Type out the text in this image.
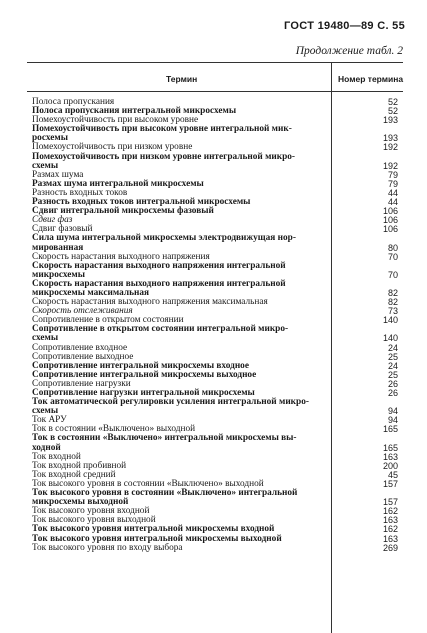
ГОСТ 19480—89 С. 55
Продолжение табл. 2
Термин	Номер термина
Полоса пропускания	52
Полоса пропускания интегральной микросхемы	52
Помехоустойчивость при высоком уровне	193
Помехоустойчивость при высоком уровне интегральной мик-
росхемы	193
Помехоустойчивость при низком уровне	192
Помехоустойчивость при низком уровне интегральной микро-
схемы	192
Размах шума	79
Размах шума интегральной микросхемы	79
Разность входных токов	44
Разность входных токов интегральной микросхемы	44
Сдвиг интегральной микросхемы фазовый	106
Сдвиг фаз	106
Сдвиг фазовый	106
Сила шума интегральной микросхемы электродвижущая нор-
мированная	80
Скорость нарастания выходного напряжения	70
Скорость нарастания выходного напряжения интегральной
микросхемы	70
Скорость нарастания выходного напряжения интегральной
микросхемы максимальная	82
Скорость нарастания выходного напряжения максимальная	82
Скорость отслеживания	73
Сопротивление в открытом состоянии	140
Сопротивление в открытом состоянии интегральной микро-
схемы	140
Сопротивление входное	24
Сопротивление выходное	25
Сопротивление интегральной микросхемы входное	24
Сопротивление интегральной микросхемы выходное	25
Сопротивление нагрузки	26
Сопротивление нагрузки интегральной микросхемы	26
Ток автоматической регулировки усиления интегральной микро-
схемы	94
Ток АРУ	94
Ток в состоянии «Выключено» выходной	165
Ток в состоянии «Выключено» интегральной микросхемы вы-
ходной	165
Ток входной	163
Ток входной пробивной	200
Ток входной средний	45
Ток высокого уровня в состоянии «Выключено» выходной	157
Ток высокого уровня в состоянии «Выключено» интегральной
микросхемы выходной	157
Ток высокого уровня входной	162
Ток высокого уровня выходной	163
Ток высокого уровня интегральной микросхемы входной	162
Ток высокого уровня интегральной микросхемы выходной	163
Ток высокого уровня по входу выбора	269
